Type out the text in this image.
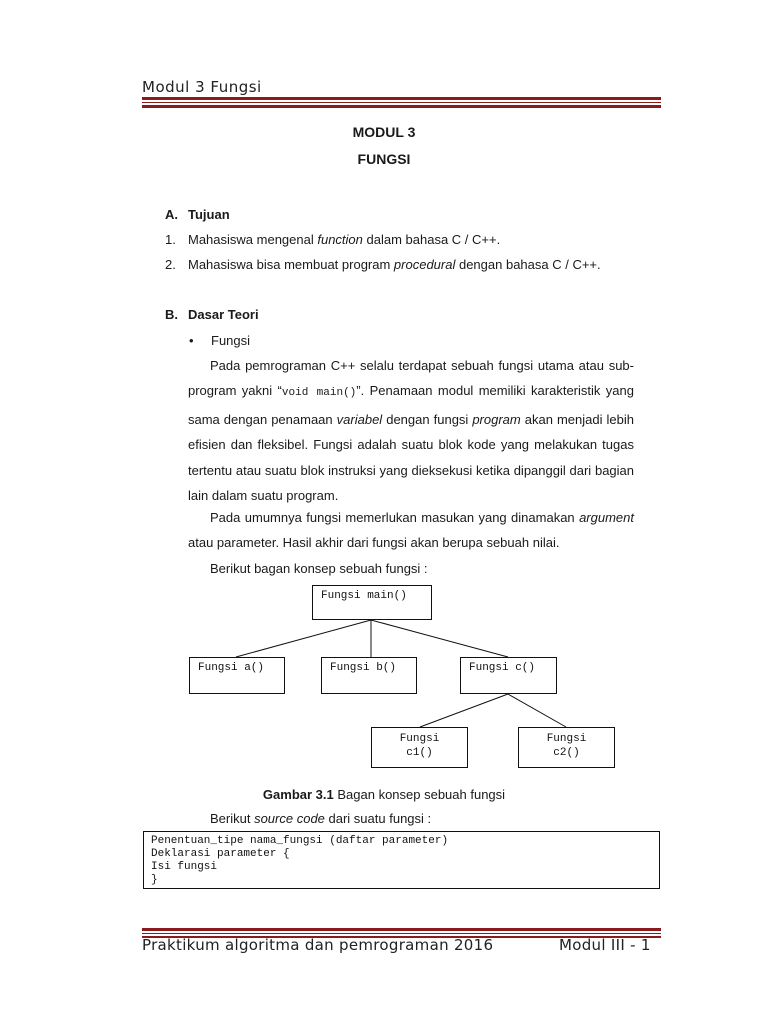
Modul 3 Fungsi
MODUL 3
FUNGSI
A. Tujuan
1. Mahasiswa mengenal function dalam bahasa C / C++.
2. Mahasiswa bisa membuat program procedural dengan bahasa C / C++.
B. Dasar Teori
• Fungsi
Pada pemrograman C++ selalu terdapat sebuah fungsi utama atau sub-program yakni “void main()”. Penamaan modul memiliki karakteristik yang sama dengan penamaan variabel dengan fungsi program akan menjadi lebih efisien dan fleksibel. Fungsi adalah suatu blok kode yang melakukan tugas tertentu atau suatu blok instruksi yang dieksekusi ketika dipanggil dari bagian lain dalam suatu program.
Pada umumnya fungsi memerlukan masukan yang dinamakan argument atau parameter. Hasil akhir dari fungsi akan berupa sebuah nilai.
Berikut bagan konsep sebuah fungsi :
Fungsi main()
Fungsi a()	Fungsi b()	Fungsi c()
Fungsi
c1()
Fungsi
c2()
Gambar 3.1 Bagan konsep sebuah fungsi
Berikut source code dari suatu fungsi :
Penentuan_tipe nama_fungsi (daftar parameter)
Deklarasi parameter {
Isi fungsi
}
Praktikum algoritma dan pemrograman 2016	Modul III - 1
